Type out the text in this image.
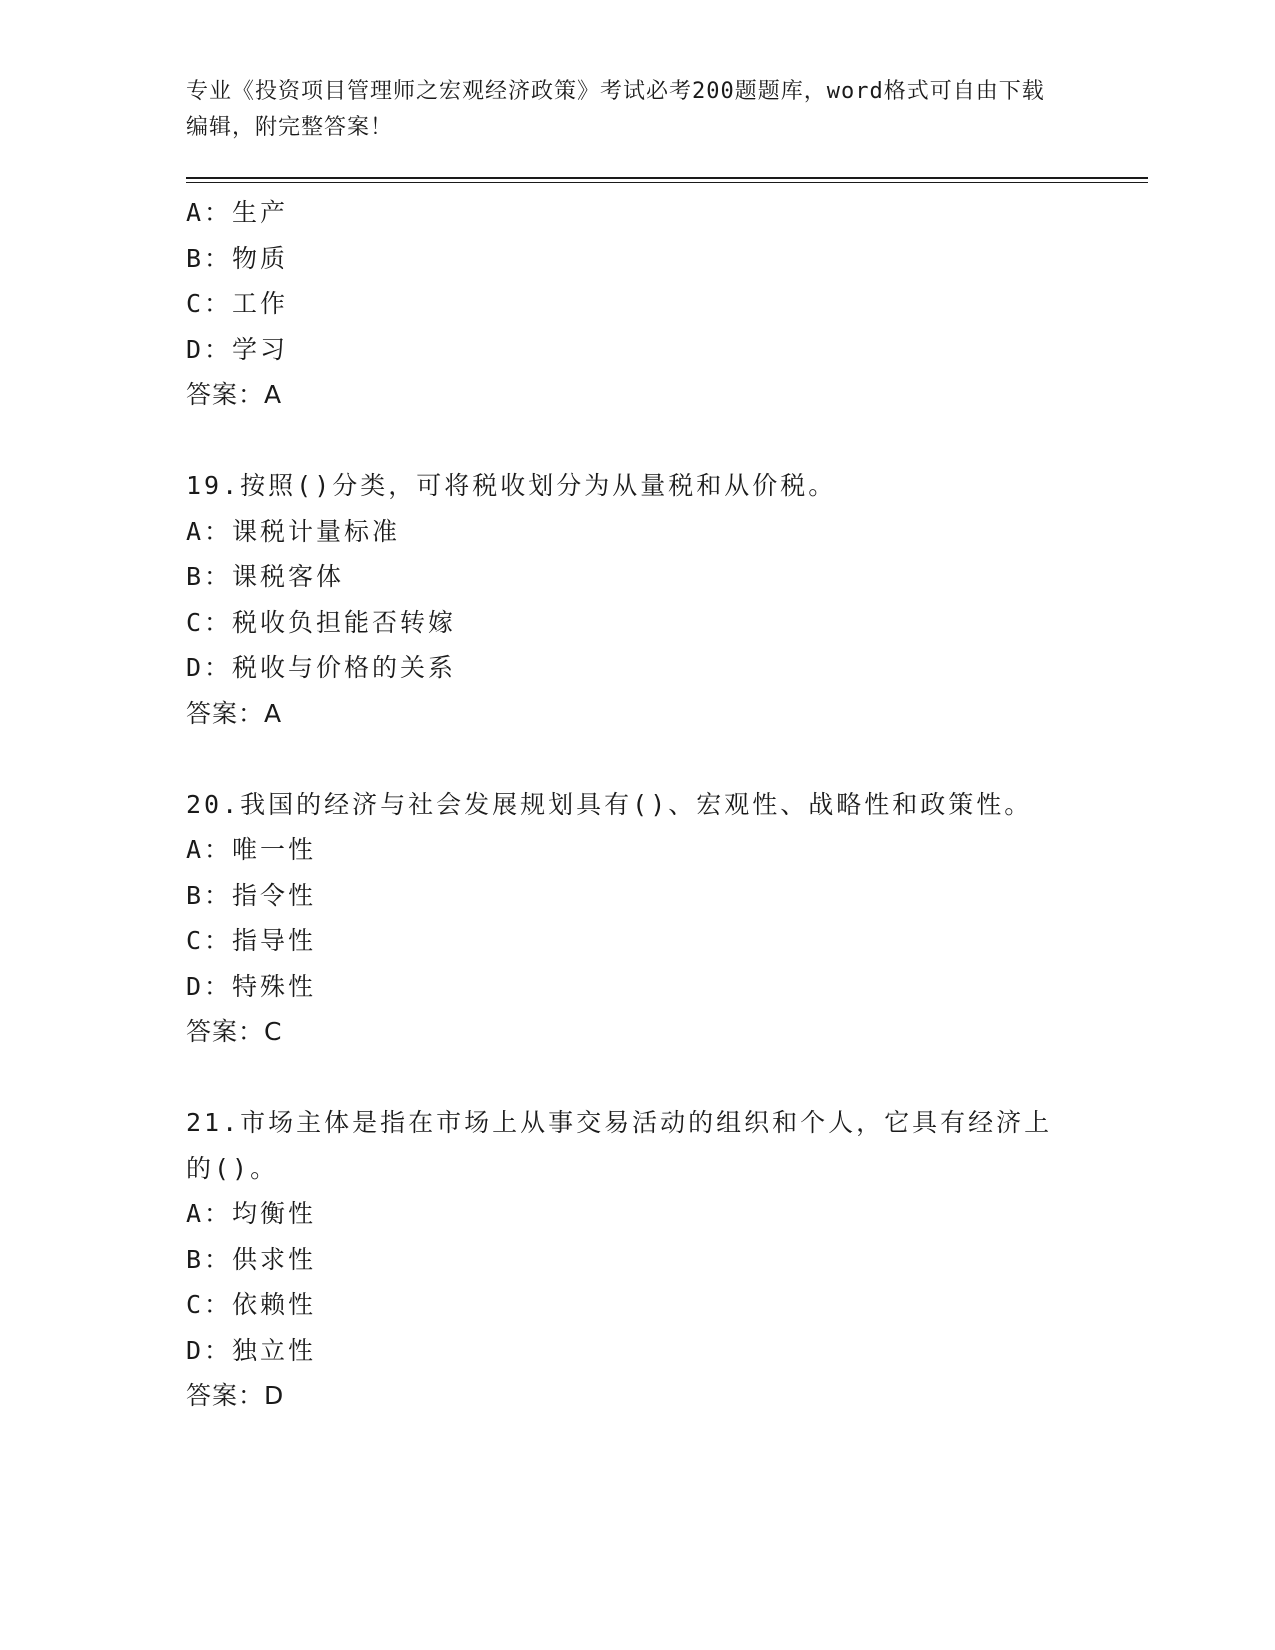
专业《投资项目管理师之宏观经济政策》考试必考200题题库，word格式可自由下载编辑，附完整答案！
A：生产
B：物质
C：工作
D：学习
答案：A
19.按照()分类，可将税收划分为从量税和从价税。
A：课税计量标准
B：课税客体
C：税收负担能否转嫁
D：税收与价格的关系
答案：A
20.我国的经济与社会发展规划具有()、宏观性、战略性和政策性。
A：唯一性
B：指令性
C：指导性
D：特殊性
答案：C
21.市场主体是指在市场上从事交易活动的组织和个人，它具有经济上的()。
A：均衡性
B：供求性
C：依赖性
D：独立性
答案：D
